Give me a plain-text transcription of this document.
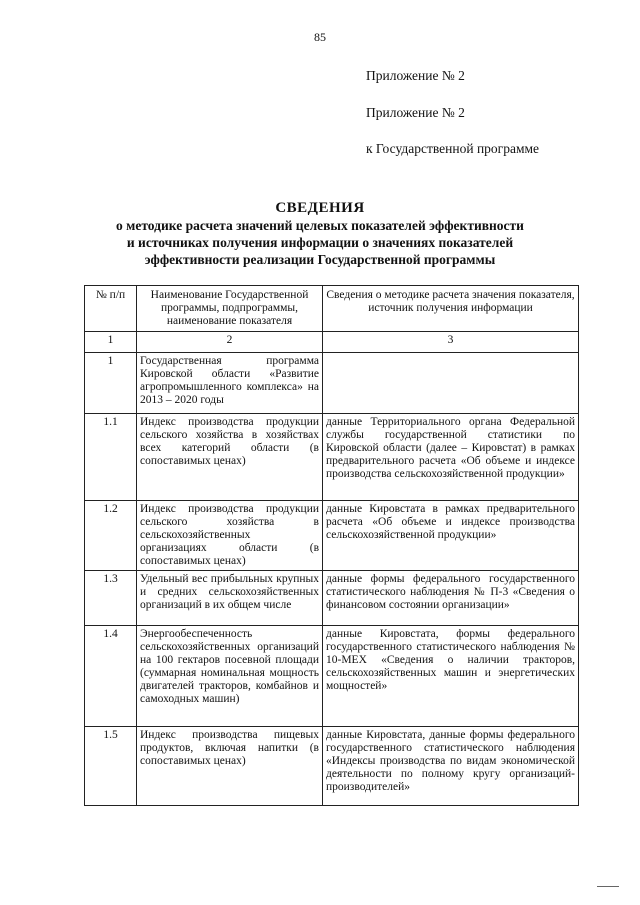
85
Приложение № 2
Приложение № 2
к Государственной программе
СВЕДЕНИЯ
о методике расчета значений целевых показателей эффективности
и источниках получения информации о значениях показателей
эффективности реализации Государственной программы
№ п/п	Наименование Государственной программы, подпрограммы, наименование показателя	Сведения о методике расчета значения показателя, источник получения информации
1	2	3
1	Государственная программа Кировской области «Развитие агропромышленного комплекса» на 2013 – 2020 годы	
1.1	Индекс производства продукции сельского хозяйства в хозяйствах всех категорий области (в сопоставимых ценах)	данные Территориального органа Федеральной службы государственной статистики по Кировской области (далее – Кировстат) в рамках предварительного расчета «Об объеме и индексе производства сельскохозяйственной продукции»
1.2	Индекс производства продукции сельского хозяйства в сельскохозяйственных организациях области (в сопоставимых ценах)	данные Кировстата в рамках предварительного расчета «Об объеме и индексе производства сельскохозяйственной продукции»
1.3	Удельный вес прибыльных крупных и средних сельскохозяйственных организаций в их общем числе	данные формы федерального государственного статистического наблюдения № П-3 «Сведения о финансовом состоянии организации»
1.4	Энергообеспеченность сельскохозяйственных организаций на 100 гектаров посевной площади (суммарная номинальная мощность двигателей тракторов, комбайнов и самоходных машин)	данные Кировстата, формы федерального государственного статистического наблюдения № 10-МЕХ «Сведения о наличии тракторов, сельскохозяйственных машин и энергетических мощностей»
1.5	Индекс производства пищевых продуктов, включая напитки (в сопоставимых ценах)	данные Кировстата, данные формы федерального государственного статистического наблюдения «Индексы производства по видам экономической деятельности по полному кругу организаций-производителей»
